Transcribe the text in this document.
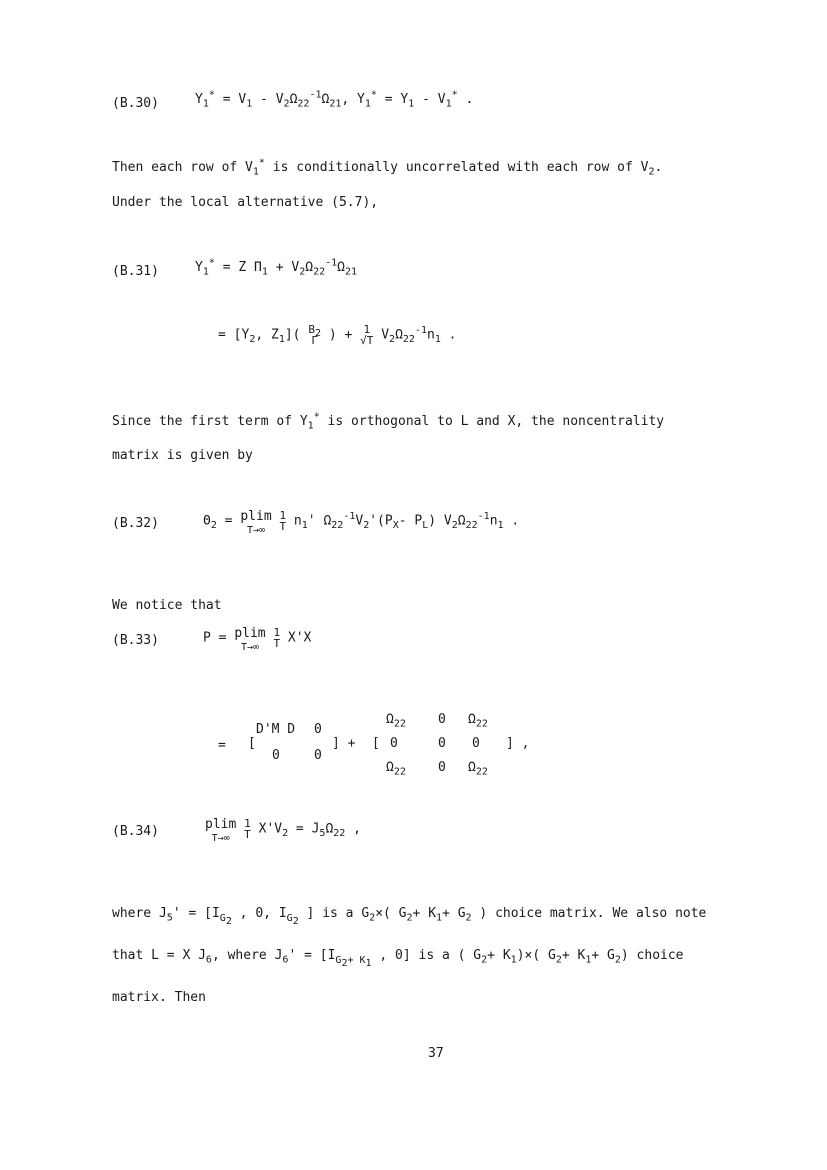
(B.30)	$Y_1^* = V_1 - V_2\Omega_{22}^{-1}\Omega_{21}$, $Y_1^* = Y_1 - V_1^*$ .
Then each row of $V_1^*$ is conditionally uncorrelated with each row of $V_2$.
Under the local alternative (5.7),
(B.31)	$Y_1^* = Z$ $\Pi_1 + V_2\Omega_{22}^{-1}\Omega_{21}$
= [$Y_2$, $Z_1$]( $B_2$
Γ ) + 1
√T $V_2\Omega_{22}^{-1}n_1$ .
Since the first term of $Y_1^*$ is orthogonal to L and X, the noncentrality
matrix is given by
(B.32)	$\Theta_2 = plim$
T→∞

1
T $n_1'$ $\Omega_{22}^{-1}V_2'(P_X-$ $P_L$) $V_2\Omega_{22}^{-1}n_1$ .
We notice that
(B.33)	P = plim
T→∞

1
T X'X
= [
D'M D 0
0	0
] + [
$\Omega_{22}$ 0 $\Omega_{22}$
0	0 0
$\Omega_{22}$ 0 $\Omega_{22}$
] ,
(B.34)	plim
T→∞

1
T $X'V_2 = J_5\Omega_{22}$ ,
where $J_5' = [I_{G_2}$ , 0, $I_{G_2}$ ] is a $G_2\times$( $G_2+ K_1+ G_2$ ) choice matrix. We also note
that L = X $J_6$, where $J_6' = [I_{G_2+ K_1}$ , 0] is a ( $G_2+ K_1)\times$( $G_2+ K_1+ G_2$) choice
matrix. Then
37
